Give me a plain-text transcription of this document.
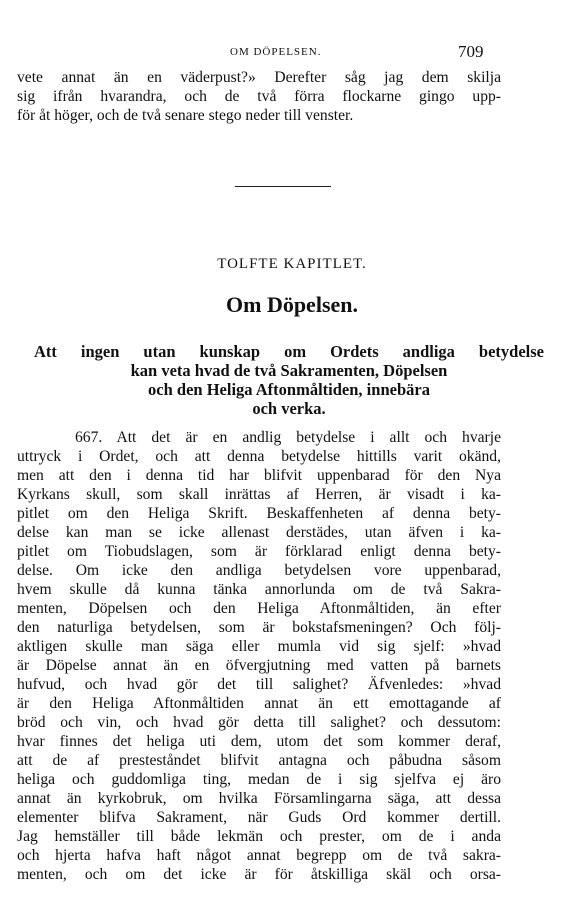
OM DÖPELSEN.	709
vete annat än en väderpust?» Derefter såg jag dem skilja
sig ifrån hvarandra, och de två förra flockarne gingo upp-
för åt höger, och de två senare stego neder till venster.
TOLFTE KAPITLET.
Om Döpelsen.
Att ingen utan kunskap om Ordets andliga betydelse
kan veta hvad de två Sakramenten, Döpelsen
och den Heliga Aftonmåltiden, innebära
och verka.
667. Att det är en andlig betydelse i allt och hvarje
uttryck i Ordet, och att denna betydelse hittills varit okänd,
men att den i denna tid har blifvit uppenbarad för den Nya
Kyrkans skull, som skall inrättas af Herren, är visadt i ka-
pitlet om den Heliga Skrift. Beskaffenheten af denna bety-
delse kan man se icke allenast derstädes, utan äfven i ka-
pitlet om Tiobudslagen, som är förklarad enligt denna bety-
delse. Om icke den andliga betydelsen vore uppenbarad,
hvem skulle då kunna tänka annorlunda om de två Sakra-
menten, Döpelsen och den Heliga Aftonmåltiden, än efter
den naturliga betydelsen, som är bokstafsmeningen? Och följ-
aktligen skulle man säga eller mumla vid sig sjelf: »hvad
är Döpelse annat än en öfvergjutning med vatten på barnets
hufvud, och hvad gör det till salighet? Äfvenledes: »hvad
är den Heliga Aftonmåltiden annat än ett emottagande af
bröd och vin, och hvad gör detta till salighet? och dessutom:
hvar finnes det heliga uti dem, utom det som kommer deraf,
att de af presteståndet blifvit antagna och påbudna såsom
heliga och guddomliga ting, medan de i sig sjelfva ej äro
annat än kyrkobruk, om hvilka Församlingarna säga, att dessa
elementer blifva Sakrament, när Guds Ord kommer dertill.
Jag hemställer till både lekmän och prester, om de i anda
och hjerta hafva haft något annat begrepp om de två sakra-
menten, och om det icke är för åtskilliga skäl och orsa-
